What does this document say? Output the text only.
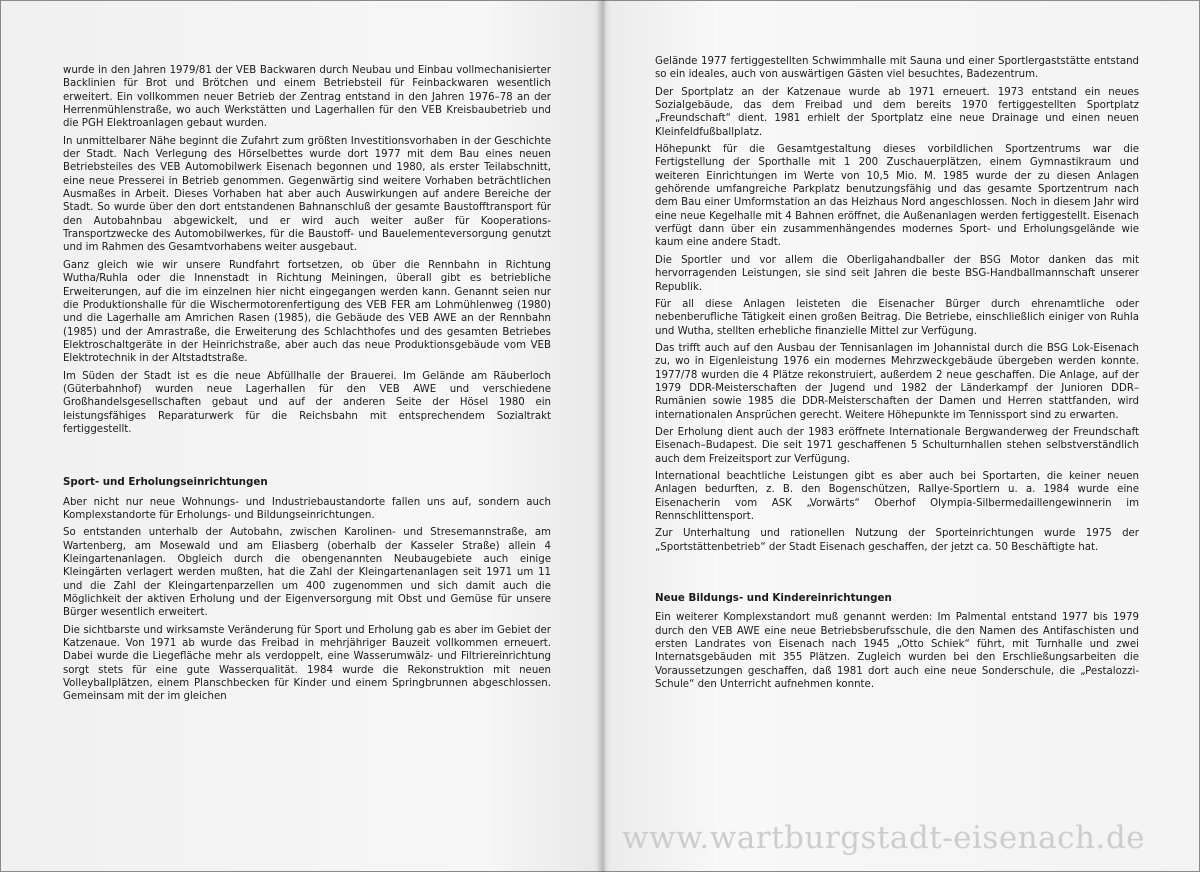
wurde in den Jahren 1979/81 der VEB Backwaren durch Neubau und Einbau vollmechanisierter Backlinien für Brot und Brötchen und einem Betriebsteil für Feinbackwaren wesentlich erweitert. Ein vollkommen neuer Betrieb der Zentrag entstand in den Jahren 1976–78 an der Herrenmühlenstraße, wo auch Werkstätten und Lagerhallen für den VEB Kreisbaubetrieb und die PGH Elektroanlagen gebaut wurden.

In unmittelbarer Nähe beginnt die Zufahrt zum größten Investitionsvorhaben in der Geschichte der Stadt. Nach Verlegung des Hörselbettes wurde dort 1977 mit dem Bau eines neuen Betriebsteiles des VEB Automobilwerk Eisenach begonnen und 1980, als erster Teilabschnitt, eine neue Presserei in Betrieb genommen. Gegenwärtig sind weitere Vorhaben beträchtlichen Ausmaßes in Arbeit. Dieses Vorhaben hat aber auch Auswirkungen auf andere Bereiche der Stadt. So wurde über den dort entstandenen Bahnanschluß der gesamte Baustofftransport für den Autobahnbau abgewickelt, und er wird auch weiter außer für Kooperations-Transportzwecke des Automobilwerkes, für die Baustoff- und Bauelementeversorgung genutzt und im Rahmen des Gesamtvorhabens weiter ausgebaut.

Ganz gleich wie wir unsere Rundfahrt fortsetzen, ob über die Rennbahn in Richtung Wutha/Ruhla oder die Innenstadt in Richtung Meiningen, überall gibt es betriebliche Erweiterungen, auf die im einzelnen hier nicht eingegangen werden kann. Genannt seien nur die Produktionshalle für die Wischermotorenfertigung des VEB FER am Lohmühlenweg (1980) und die Lagerhalle am Amrichen Rasen (1985), die Gebäude des VEB AWE an der Rennbahn (1985) und der Amrastraße, die Erweiterung des Schlachthofes und des gesamten Betriebes Elektroschaltgeräte in der Heinrichstraße, aber auch das neue Produktionsgebäude vom VEB Elektrotechnik in der Altstadtstraße.

Im Süden der Stadt ist es die neue Abfüllhalle der Brauerei. Im Gelände am Räuberloch (Güterbahnhof) wurden neue Lagerhallen für den VEB AWE und verschiedene Großhandelsgesellschaften gebaut und auf der anderen Seite der Hösel 1980 ein leistungsfähiges Reparaturwerk für die Reichsbahn mit entsprechendem Sozialtrakt fertiggestellt.

Sport- und Erholungseinrichtungen

Aber nicht nur neue Wohnungs- und Industriebaustandorte fallen uns auf, sondern auch Komplexstandorte für Erholungs- und Bildungseinrichtungen.

So entstanden unterhalb der Autobahn, zwischen Karolinen- und Stresemannstraße, am Wartenberg, am Mosewald und am Eliasberg (oberhalb der Kasseler Straße) allein 4 Kleingartenanlagen. Obgleich durch die obengenannten Neubaugebiete auch einige Kleingärten verlagert werden mußten, hat die Zahl der Kleingartenanlagen seit 1971 um 11 und die Zahl der Kleingartenparzellen um 400 zugenommen und sich damit auch die Möglichkeit der aktiven Erholung und der Eigenversorgung mit Obst und Gemüse für unsere Bürger wesentlich erweitert.

Die sichtbarste und wirksamste Veränderung für Sport und Erholung gab es aber im Gebiet der Katzenaue. Von 1971 ab wurde das Freibad in mehrjähriger Bauzeit vollkommen erneuert. Dabei wurde die Liegefläche mehr als verdoppelt, eine Wasserumwälz- und Filtriereinrichtung sorgt stets für eine gute Wasserqualität. 1984 wurde die Rekonstruktion mit neuen Volleyballplätzen, einem Planschbecken für Kinder und einem Springbrunnen abgeschlossen. Gemeinsam mit der im gleichen

Gelände 1977 fertiggestellten Schwimmhalle mit Sauna und einer Sportlergaststätte entstand so ein ideales, auch von auswärtigen Gästen viel besuchtes, Badezentrum.

Der Sportplatz an der Katzenaue wurde ab 1971 erneuert. 1973 entstand ein neues Sozialgebäude, das dem Freibad und dem bereits 1970 fertiggestellten Sportplatz „Freundschaft“ dient. 1981 erhielt der Sportplatz eine neue Drainage und einen neuen Kleinfeldfußballplatz.

Höhepunkt für die Gesamtgestaltung dieses vorbildlichen Sportzentrums war die Fertigstellung der Sporthalle mit 1 200 Zuschauerplätzen, einem Gymnastikraum und weiteren Einrichtungen im Werte von 10,5 Mio. M. 1985 wurde der zu diesen Anlagen gehörende umfangreiche Parkplatz benutzungsfähig und das gesamte Sportzentrum nach dem Bau einer Umformstation an das Heizhaus Nord angeschlossen. Noch in diesem Jahr wird eine neue Kegelhalle mit 4 Bahnen eröffnet, die Außenanlagen werden fertiggestellt. Eisenach verfügt dann über ein zusammenhängendes modernes Sport- und Erholungsgelände wie kaum eine andere Stadt.

Die Sportler und vor allem die Oberligahandballer der BSG Motor danken das mit hervorragenden Leistungen, sie sind seit Jahren die beste BSG-Handballmannschaft unserer Republik.

Für all diese Anlagen leisteten die Eisenacher Bürger durch ehrenamtliche oder nebenberufliche Tätigkeit einen großen Beitrag. Die Betriebe, einschließlich einiger von Ruhla und Wutha, stellten erhebliche finanzielle Mittel zur Verfügung.

Das trifft auch auf den Ausbau der Tennisanlagen im Johannistal durch die BSG Lok-Eisenach zu, wo in Eigenleistung 1976 ein modernes Mehrzweckgebäude übergeben werden konnte. 1977/78 wurden die 4 Plätze rekonstruiert, außerdem 2 neue geschaffen. Die Anlage, auf der 1979 DDR-Meisterschaften der Jugend und 1982 der Länderkampf der Junioren DDR–Rumänien sowie 1985 die DDR-Meisterschaften der Damen und Herren stattfanden, wird internationalen Ansprüchen gerecht. Weitere Höhepunkte im Tennissport sind zu erwarten.

Der Erholung dient auch der 1983 eröffnete Internationale Bergwanderweg der Freundschaft Eisenach–Budapest. Die seit 1971 geschaffenen 5 Schulturnhallen stehen selbstverständlich auch dem Freizeitsport zur Verfügung.

International beachtliche Leistungen gibt es aber auch bei Sportarten, die keiner neuen Anlagen bedurften, z. B. den Bogenschützen, Rallye-Sportlern u. a. 1984 wurde eine Eisenacherin vom ASK „Vorwärts“ Oberhof Olympia-Silbermedaillengewinnerin im Rennschlittensport.

Zur Unterhaltung und rationellen Nutzung der Sporteinrichtungen wurde 1975 der „Sportstättenbetrieb“ der Stadt Eisenach geschaffen, der jetzt ca. 50 Beschäftigte hat.

Neue Bildungs- und Kindereinrichtungen

Ein weiterer Komplexstandort muß genannt werden: Im Palmental entstand 1977 bis 1979 durch den VEB AWE eine neue Betriebsberufsschule, die den Namen des Antifaschisten und ersten Landrates von Eisenach nach 1945 „Otto Schiek“ führt, mit Turnhalle und zwei Internatsgebäuden mit 355 Plätzen. Zugleich wurden bei den Erschließungsarbeiten die Voraussetzungen geschaffen, daß 1981 dort auch eine neue Sonderschule, die „Pestalozzi-Schule“ den Unterricht aufnehmen konnte.

www.wartburgstadt-eisenach.de
